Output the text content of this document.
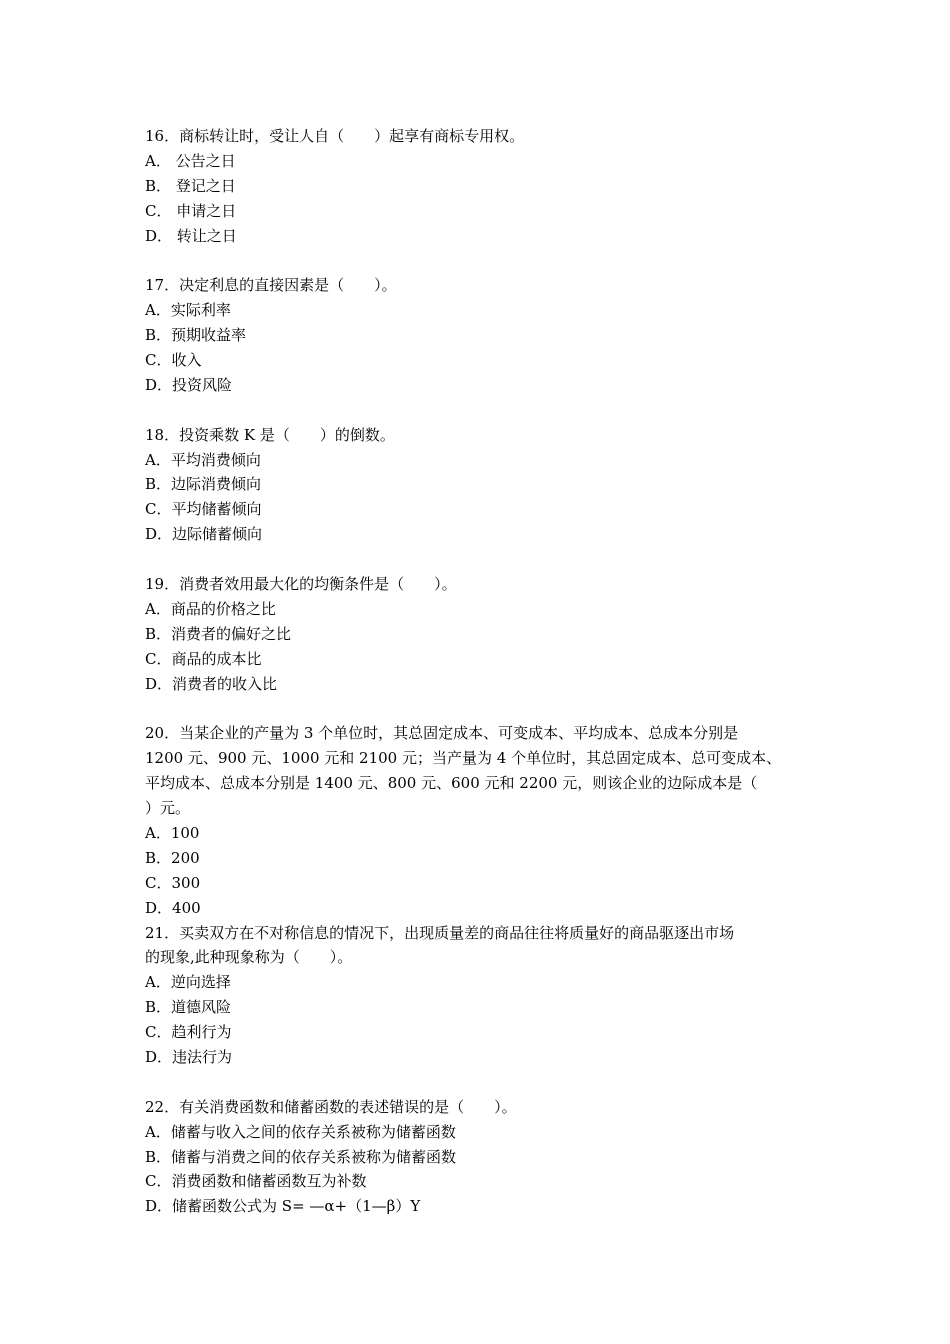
16．商标转让时，受让人自（　　）起享有商标专用权。
A． 公告之日
B． 登记之日
C． 申请之日
D． 转让之日
17．决定利息的直接因素是（　　）。
A．实际利率
B．预期收益率
C．收入
D．投资风险
18．投资乘数 K 是（　　）的倒数。
A．平均消费倾向
B．边际消费倾向
C．平均储蓄倾向
D．边际储蓄倾向
19．消费者效用最大化的均衡条件是（　　）。
A．商品的价格之比
B．消费者的偏好之比
C．商品的成本比
D．消费者的收入比
20．当某企业的产量为 3 个单位时，其总固定成本、可变成本、平均成本、总成本分别是
1200 元、900 元、1000 元和 2100 元；当产量为 4 个单位时，其总固定成本、总可变成本、
平均成本、总成本分别是 1400 元、800 元、600 元和 2200 元，则该企业的边际成本是（
）元。
A．100
B．200
C．300
D．400
21．买卖双方在不对称信息的情况下，出现质量差的商品往往将质量好的商品驱逐出市场
的现象,此种现象称为（　　）。
A．逆向选择
B．道德风险
C．趋利行为
D．违法行为
22．有关消费函数和储蓄函数的表述错误的是（　　）。
A．储蓄与收入之间的依存关系被称为储蓄函数
B．储蓄与消费之间的依存关系被称为储蓄函数
C．消费函数和储蓄函数互为补数
D．储蓄函数公式为 S= —α+（1—β）Y
